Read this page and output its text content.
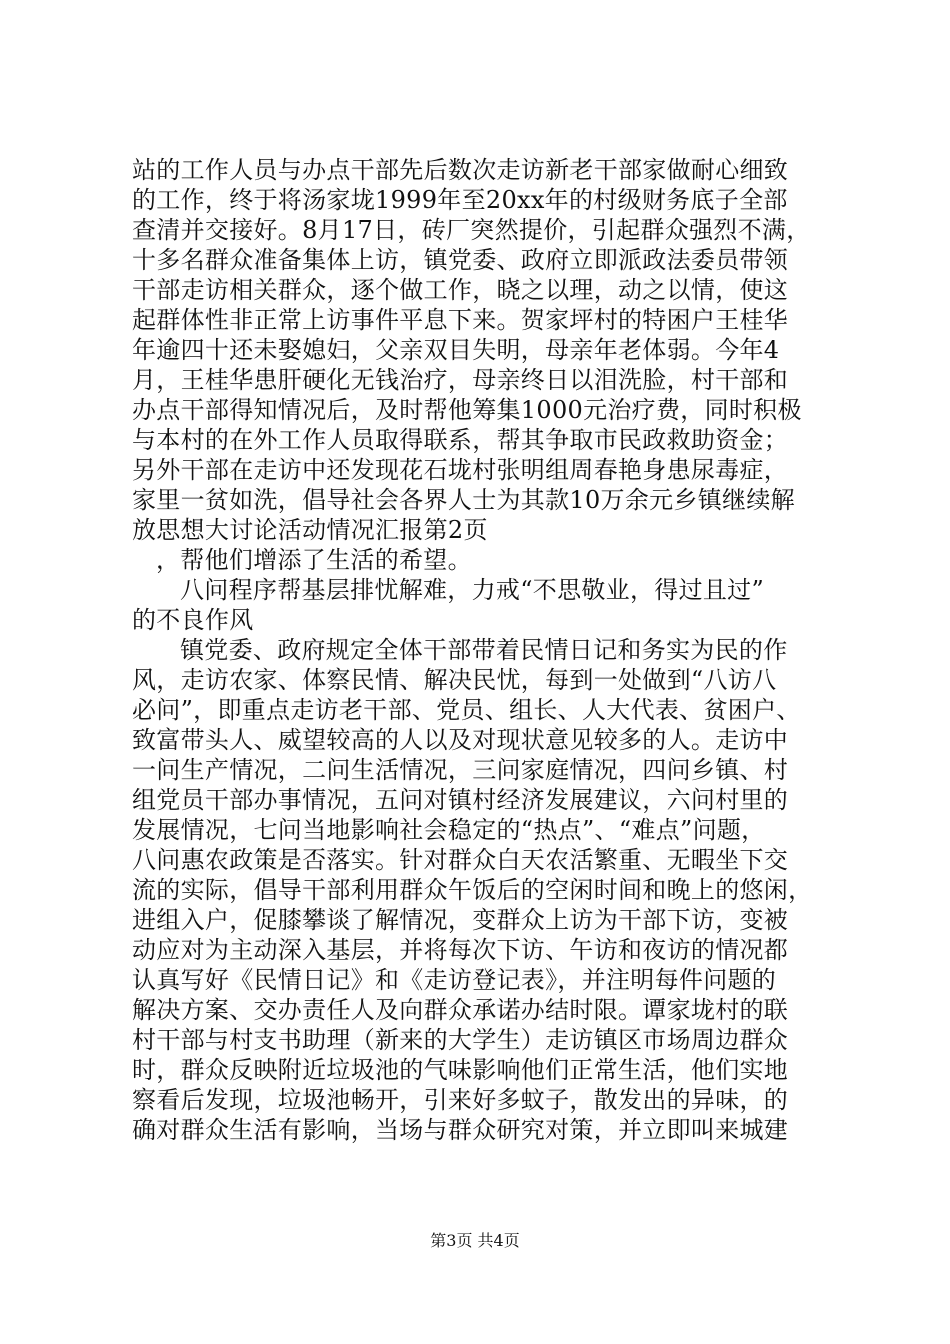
站的工作人员与办点干部先后数次走访新老干部家做耐心细致
的工作，终于将汤家垅1999年至20xx年的村级财务底子全部
查清并交接好。8月17日，砖厂突然提价，引起群众强烈不满，
十多名群众准备集体上访，镇党委、政府立即派政法委员带领
干部走访相关群众，逐个做工作，晓之以理，动之以情，使这
起群体性非正常上访事件平息下来。贺家坪村的特困户王桂华
年逾四十还未娶媳妇，父亲双目失明，母亲年老体弱。今年4
月，王桂华患肝硬化无钱治疗，母亲终日以泪洗脸，村干部和
办点干部得知情况后，及时帮他筹集1000元治疗费，同时积极
与本村的在外工作人员取得联系，帮其争取市民政救助资金；
另外干部在走访中还发现花石垅村张明组周春艳身患尿毒症，
家里一贫如洗，倡导社会各界人士为其款10万余元乡镇继续解
放思想大讨论活动情况汇报第2页
，帮他们增添了生活的希望。
八问程序帮基层排忧解难，力戒“不思敬业，得过且过”
的不良作风
镇党委、政府规定全体干部带着民情日记和务实为民的作
风，走访农家、体察民情、解决民忧，每到一处做到“八访八
必问”，即重点走访老干部、党员、组长、人大代表、贫困户、
致富带头人、威望较高的人以及对现状意见较多的人。走访中
一问生产情况，二问生活情况，三问家庭情况，四问乡镇、村
组党员干部办事情况，五问对镇村经济发展建议，六问村里的
发展情况，七问当地影响社会稳定的“热点”、“难点”问题，
八问惠农政策是否落实。针对群众白天农活繁重、无暇坐下交
流的实际，倡导干部利用群众午饭后的空闲时间和晚上的悠闲，
进组入户，促膝攀谈了解情况，变群众上访为干部下访，变被
动应对为主动深入基层，并将每次下访、午访和夜访的情况都
认真写好《民情日记》和《走访登记表》，并注明每件问题的
解决方案、交办责任人及向群众承诺办结时限。谭家垅村的联
村干部与村支书助理（新来的大学生）走访镇区市场周边群众
时，群众反映附近垃圾池的气味影响他们正常生活，他们实地
察看后发现，垃圾池畅开，引来好多蚊子，散发出的异味，的
确对群众生活有影响，当场与群众研究对策，并立即叫来城建
第3页 共4页
